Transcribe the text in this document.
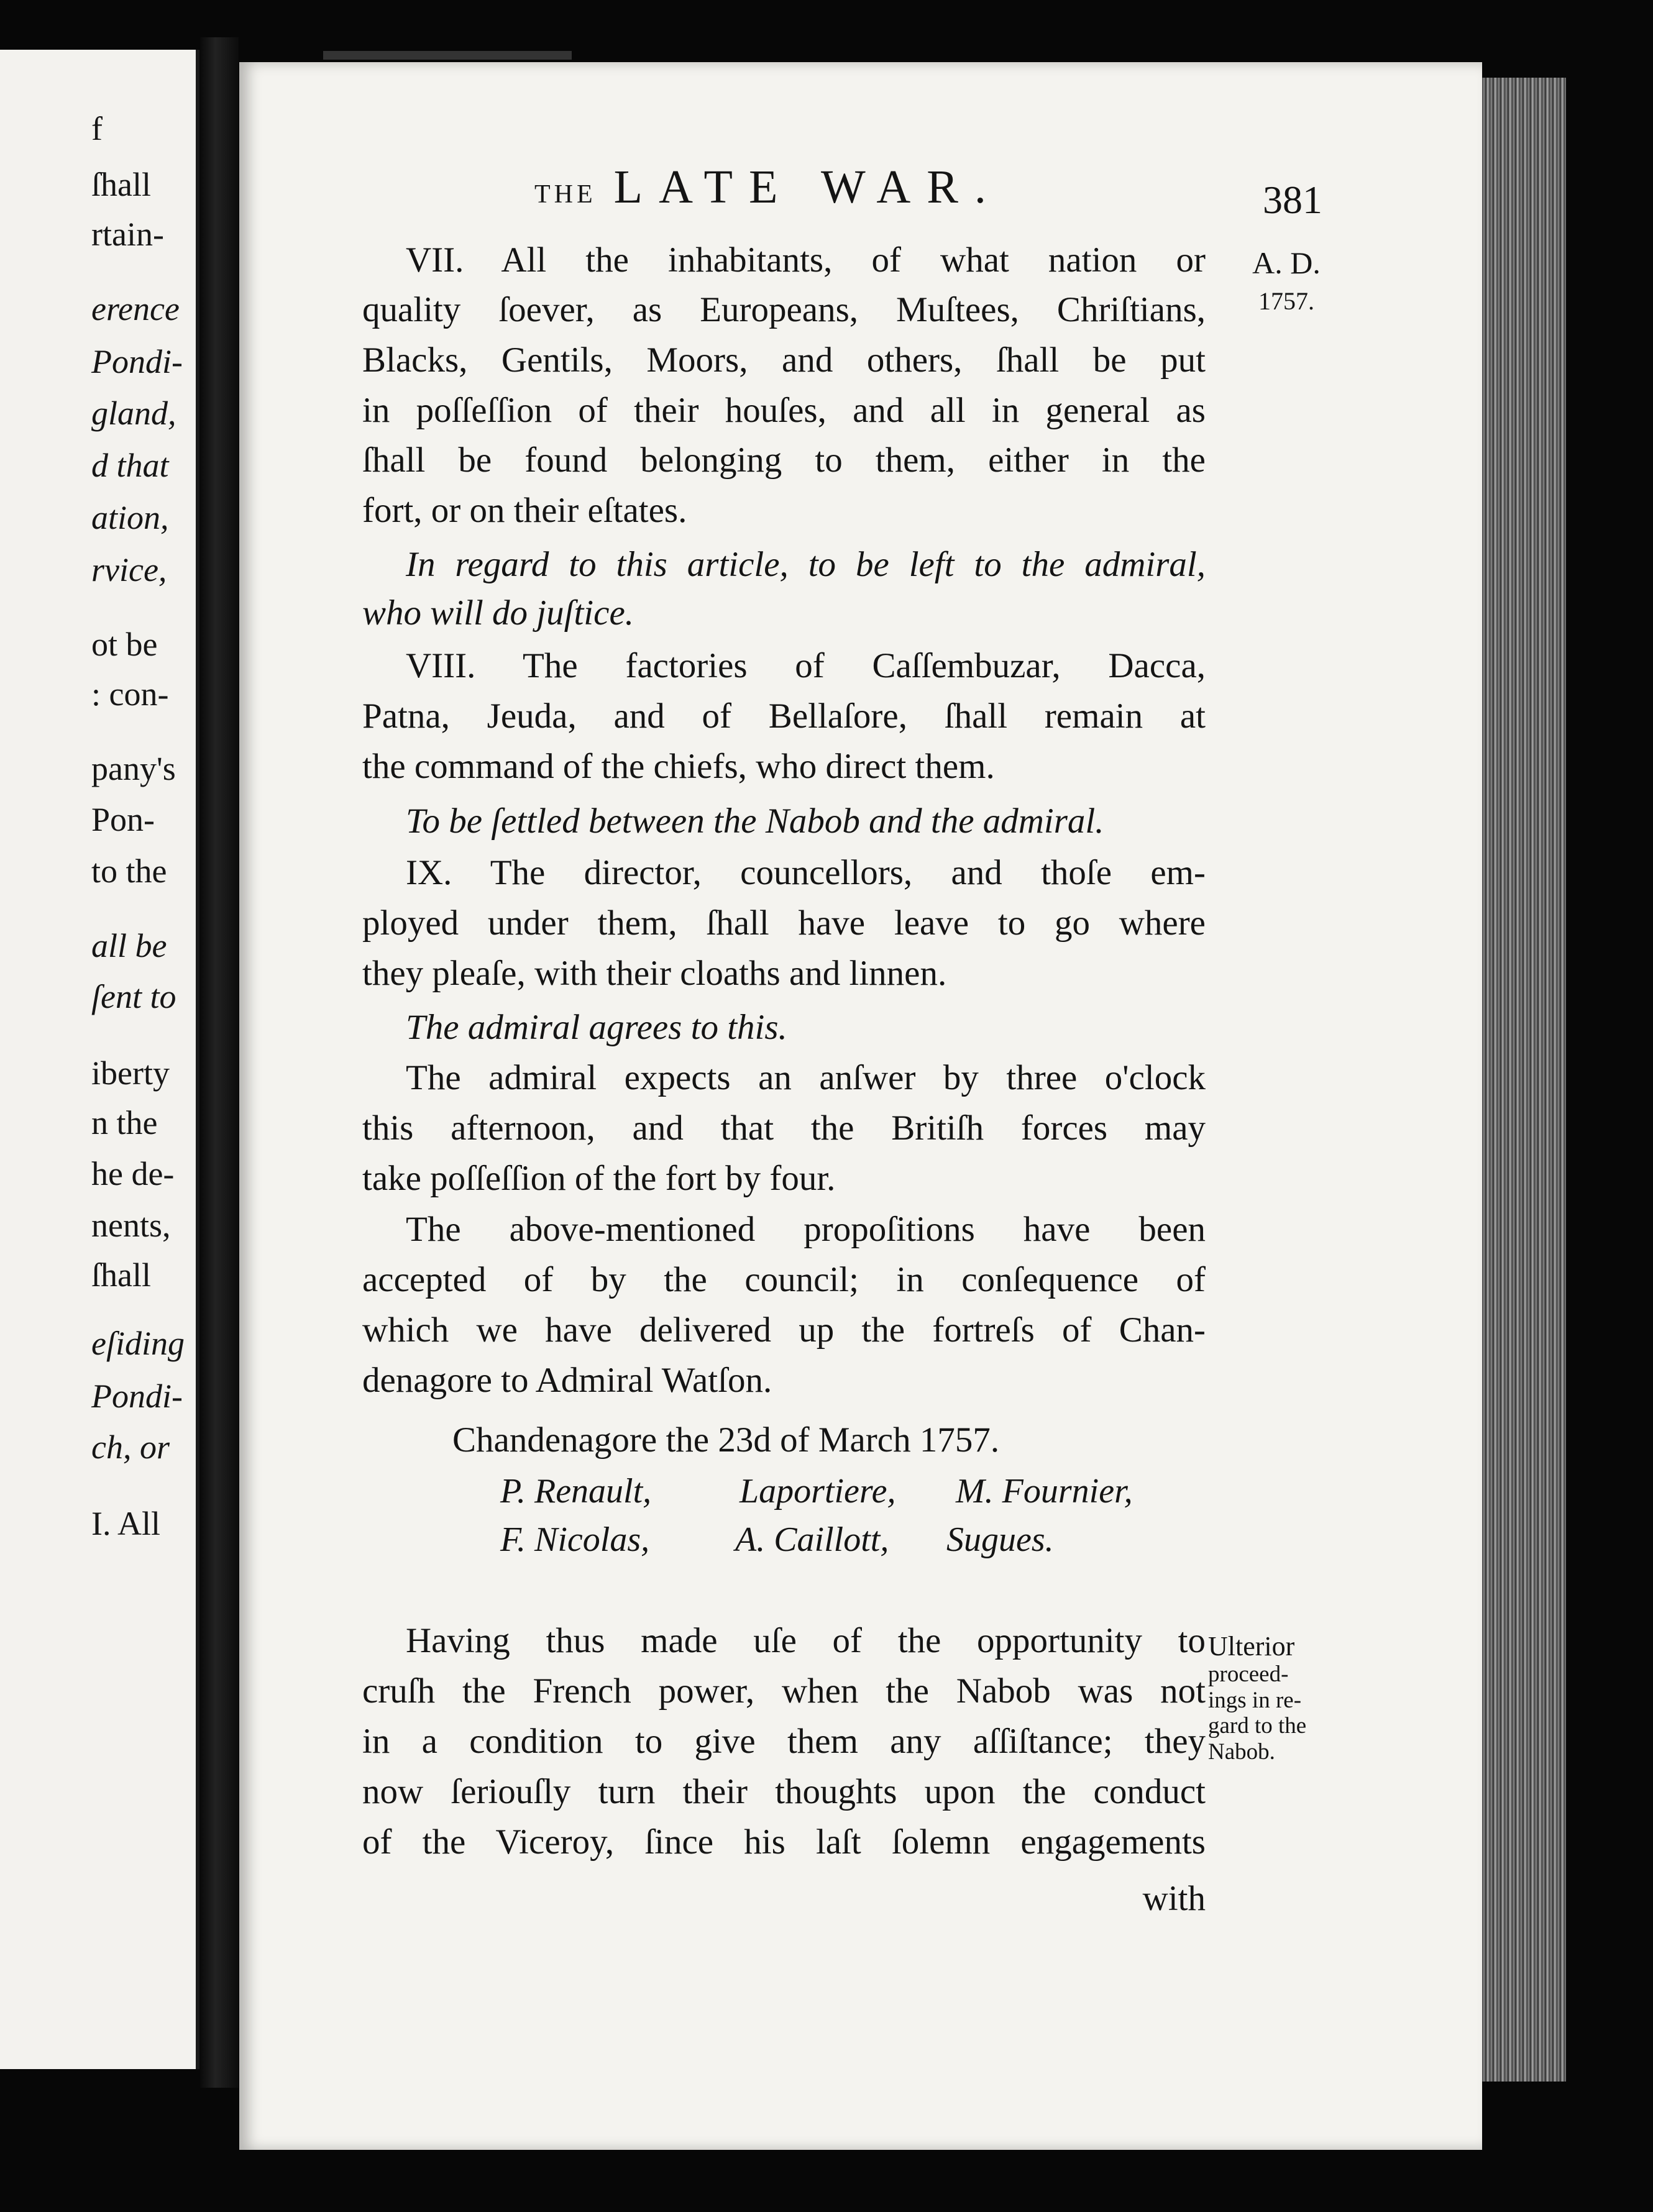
f
ſhall
rtain-
erence
Pondi-
gland,
d that
ation,
rvice,
ot be
: con-
pany's
Pon-
to the
all be
ſent to
iberty
n the
he de-
nents,
ſhall
eſiding
Pondi-
ch, or
I. All
THE LATE WAR.	381
A. D.
1757.
VII. All the inhabitants, of what nation or
quality ſoever, as Europeans, Muſtees, Chriſtians,
Blacks, Gentils, Moors, and others, ſhall be put
in poſſeſſion of their houſes, and all in general as
ſhall be found belonging to them, either in the
fort, or on their eſtates.
In regard to this article, to be left to the admiral,
who will do juſtice.
VIII. The factories of Caſſembuzar, Dacca,
Patna, Jeuda, and of Bellaſore, ſhall remain at
the command of the chiefs, who direct them.
To be ſettled between the Nabob and the admiral.
IX. The director, councellors, and thoſe em-
ployed under them, ſhall have leave to go where
they pleaſe, with their cloaths and linnen.
The admiral agrees to this.
The admiral expects an anſwer by three o'clock
this afternoon, and that the Britiſh forces may
take poſſeſſion of the fort by four.
The above-mentioned propoſitions have been
accepted of by the council; in conſequence of
which we have delivered up the fortreſs of Chan-
denagore to Admiral Watſon.
Chandenagore the 23d of March 1757.
P. Renault,	Laportiere, M. Fournier,
F. Nicolas, A. Caillott, Sugues.
Having thus made uſe of the opportunity to
cruſh the French power, when the Nabob was not
in a condition to give them any aſſiſtance; they
now ſeriouſly turn their thoughts upon the conduct
of the Viceroy, ſince his laſt ſolemn engagements
with
Ulterior
proceed-
ings in re-
gard to the
Nabob.
